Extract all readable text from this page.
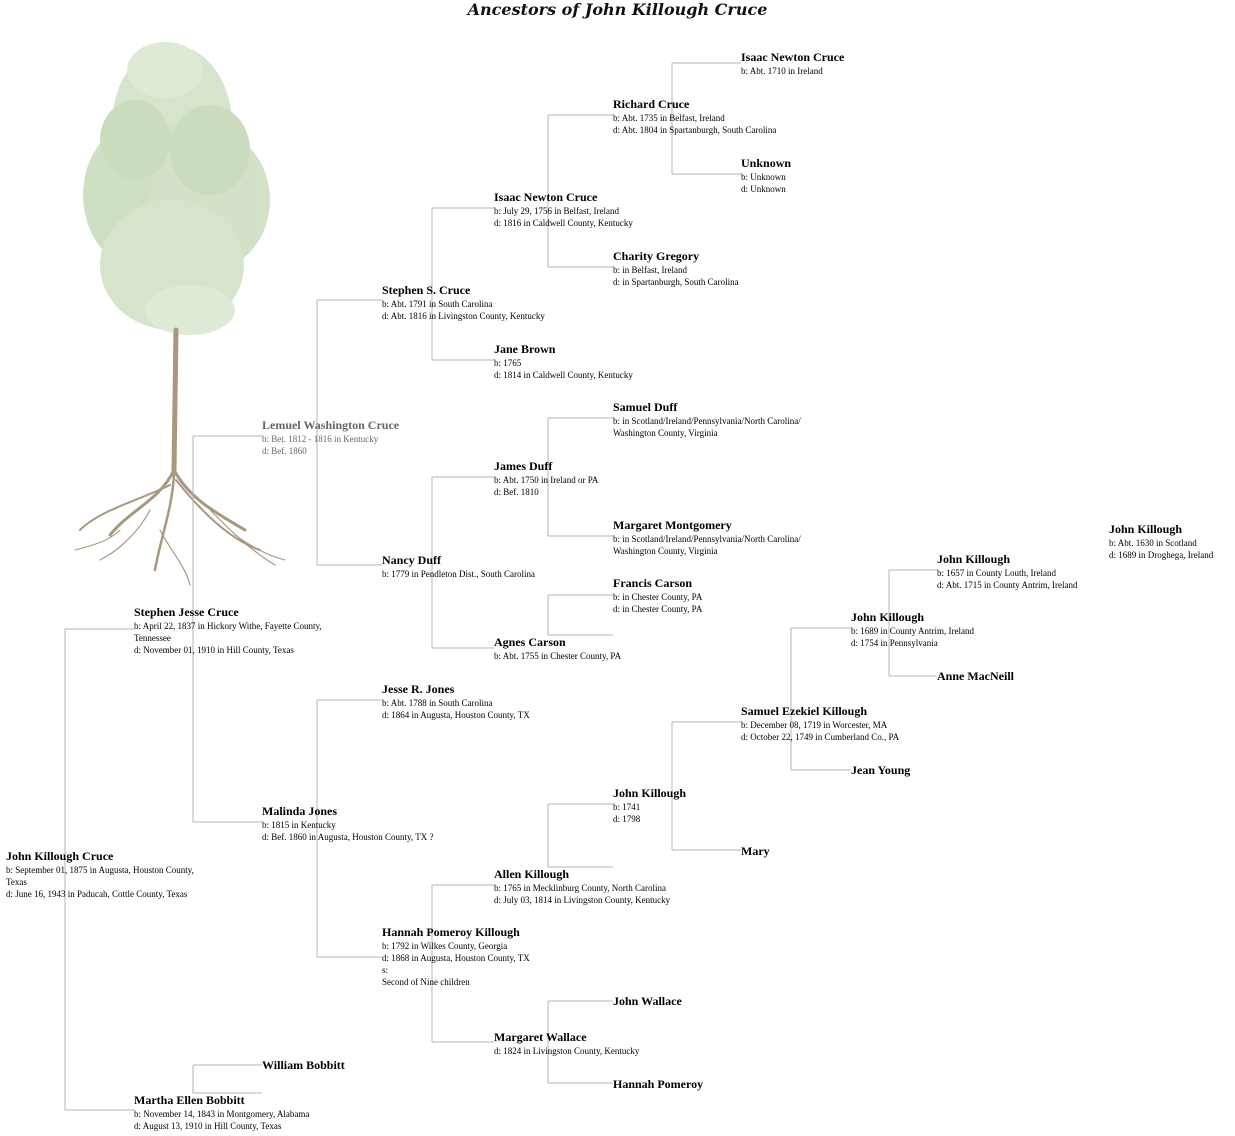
Ancestors of John Killough Cruce
John Killough Cruce
b: September 01, 1875 in Augusta, Houston County,
Texas
d: June 16, 1943 in Paducah, Cottle County, Texas
Stephen Jesse Cruce
b: April 22, 1837 in Hickory Withe, Fayette County,
Tennessee
d: November 01, 1910 in Hill County, Texas
Martha Ellen Bobbitt
b: November 14, 1843 in Montgomery, Alabama
d: August 13, 1910 in Hill County, Texas
William Bobbitt
Lemuel Washington Cruce
b: Bet. 1812 - 1816 in Kentucky
d: Bef. 1860
Malinda Jones
b: 1815 in Kentucky
d: Bef. 1860 in Augusta, Houston County, TX ?
Stephen S. Cruce
b: Abt. 1791 in South Carolina
d: Abt. 1816 in Livingston County, Kentucky
Nancy Duff
b: 1779 in Pendleton Dist., South Carolina
Jesse R. Jones
b: Abt. 1788 in South Carolina
d: 1864 in Augusta, Houston County, TX
Hannah Pomeroy Killough
b: 1792 in Wilkes County, Georgia
d: 1868 in Augusta, Houston County, TX
s:
Second of Nine children
Isaac Newton Cruce
b: July 29, 1756 in Belfast, Ireland
d: 1816 in Caldwell County, Kentucky
Jane Brown
b: 1765
d: 1814 in Caldwell County, Kentucky
James Duff
b: Abt. 1750 in Ireland or PA
d: Bef. 1810
Agnes Carson
b: Abt. 1755 in Chester County, PA
Allen Killough
b: 1765 in Mecklinburg County, North Carolina
d: July 03, 1814 in Livingston County, Kentucky
Margaret Wallace
d: 1824 in Livingston County, Kentucky
Richard Cruce
b: Abt. 1735 in Belfast, Ireland
d: Abt. 1804 in Spartanburgh, South Carolina
Charity Gregory
b: in Belfast, Ireland
d: in Spartanburgh, South Carolina
Samuel Duff
b: in Scotland/Ireland/Pennsylvania/North Carolina/
Washington County, Virginia
Margaret Montgomery
b: in Scotland/Ireland/Pennsylvania/North Carolina/
Washington County, Virginia
Francis Carson
b: in Chester County, PA
d: in Chester County, PA
John Killough
b: 1741
d: 1798
Mary
John Wallace
Hannah Pomeroy
Isaac Newton Cruce
b: Abt. 1710 in Ireland
Unknown
b: Unknown
d: Unknown
Samuel Ezekiel Killough
b: December 08, 1719 in Worcester, MA
d: October 22, 1749 in Cumberland Co., PA
Jean Young
John Killough
b: 1689 in County Antrim, Ireland
d: 1754 in Pennsylvania
Anne MacNeill
John Killough
b: 1657 in County Louth, Ireland
d: Abt. 1715 in County Antrim, Ireland
John Killough
b: Abt. 1630 in Scotland
d: 1689 in Droghega, Ireland
